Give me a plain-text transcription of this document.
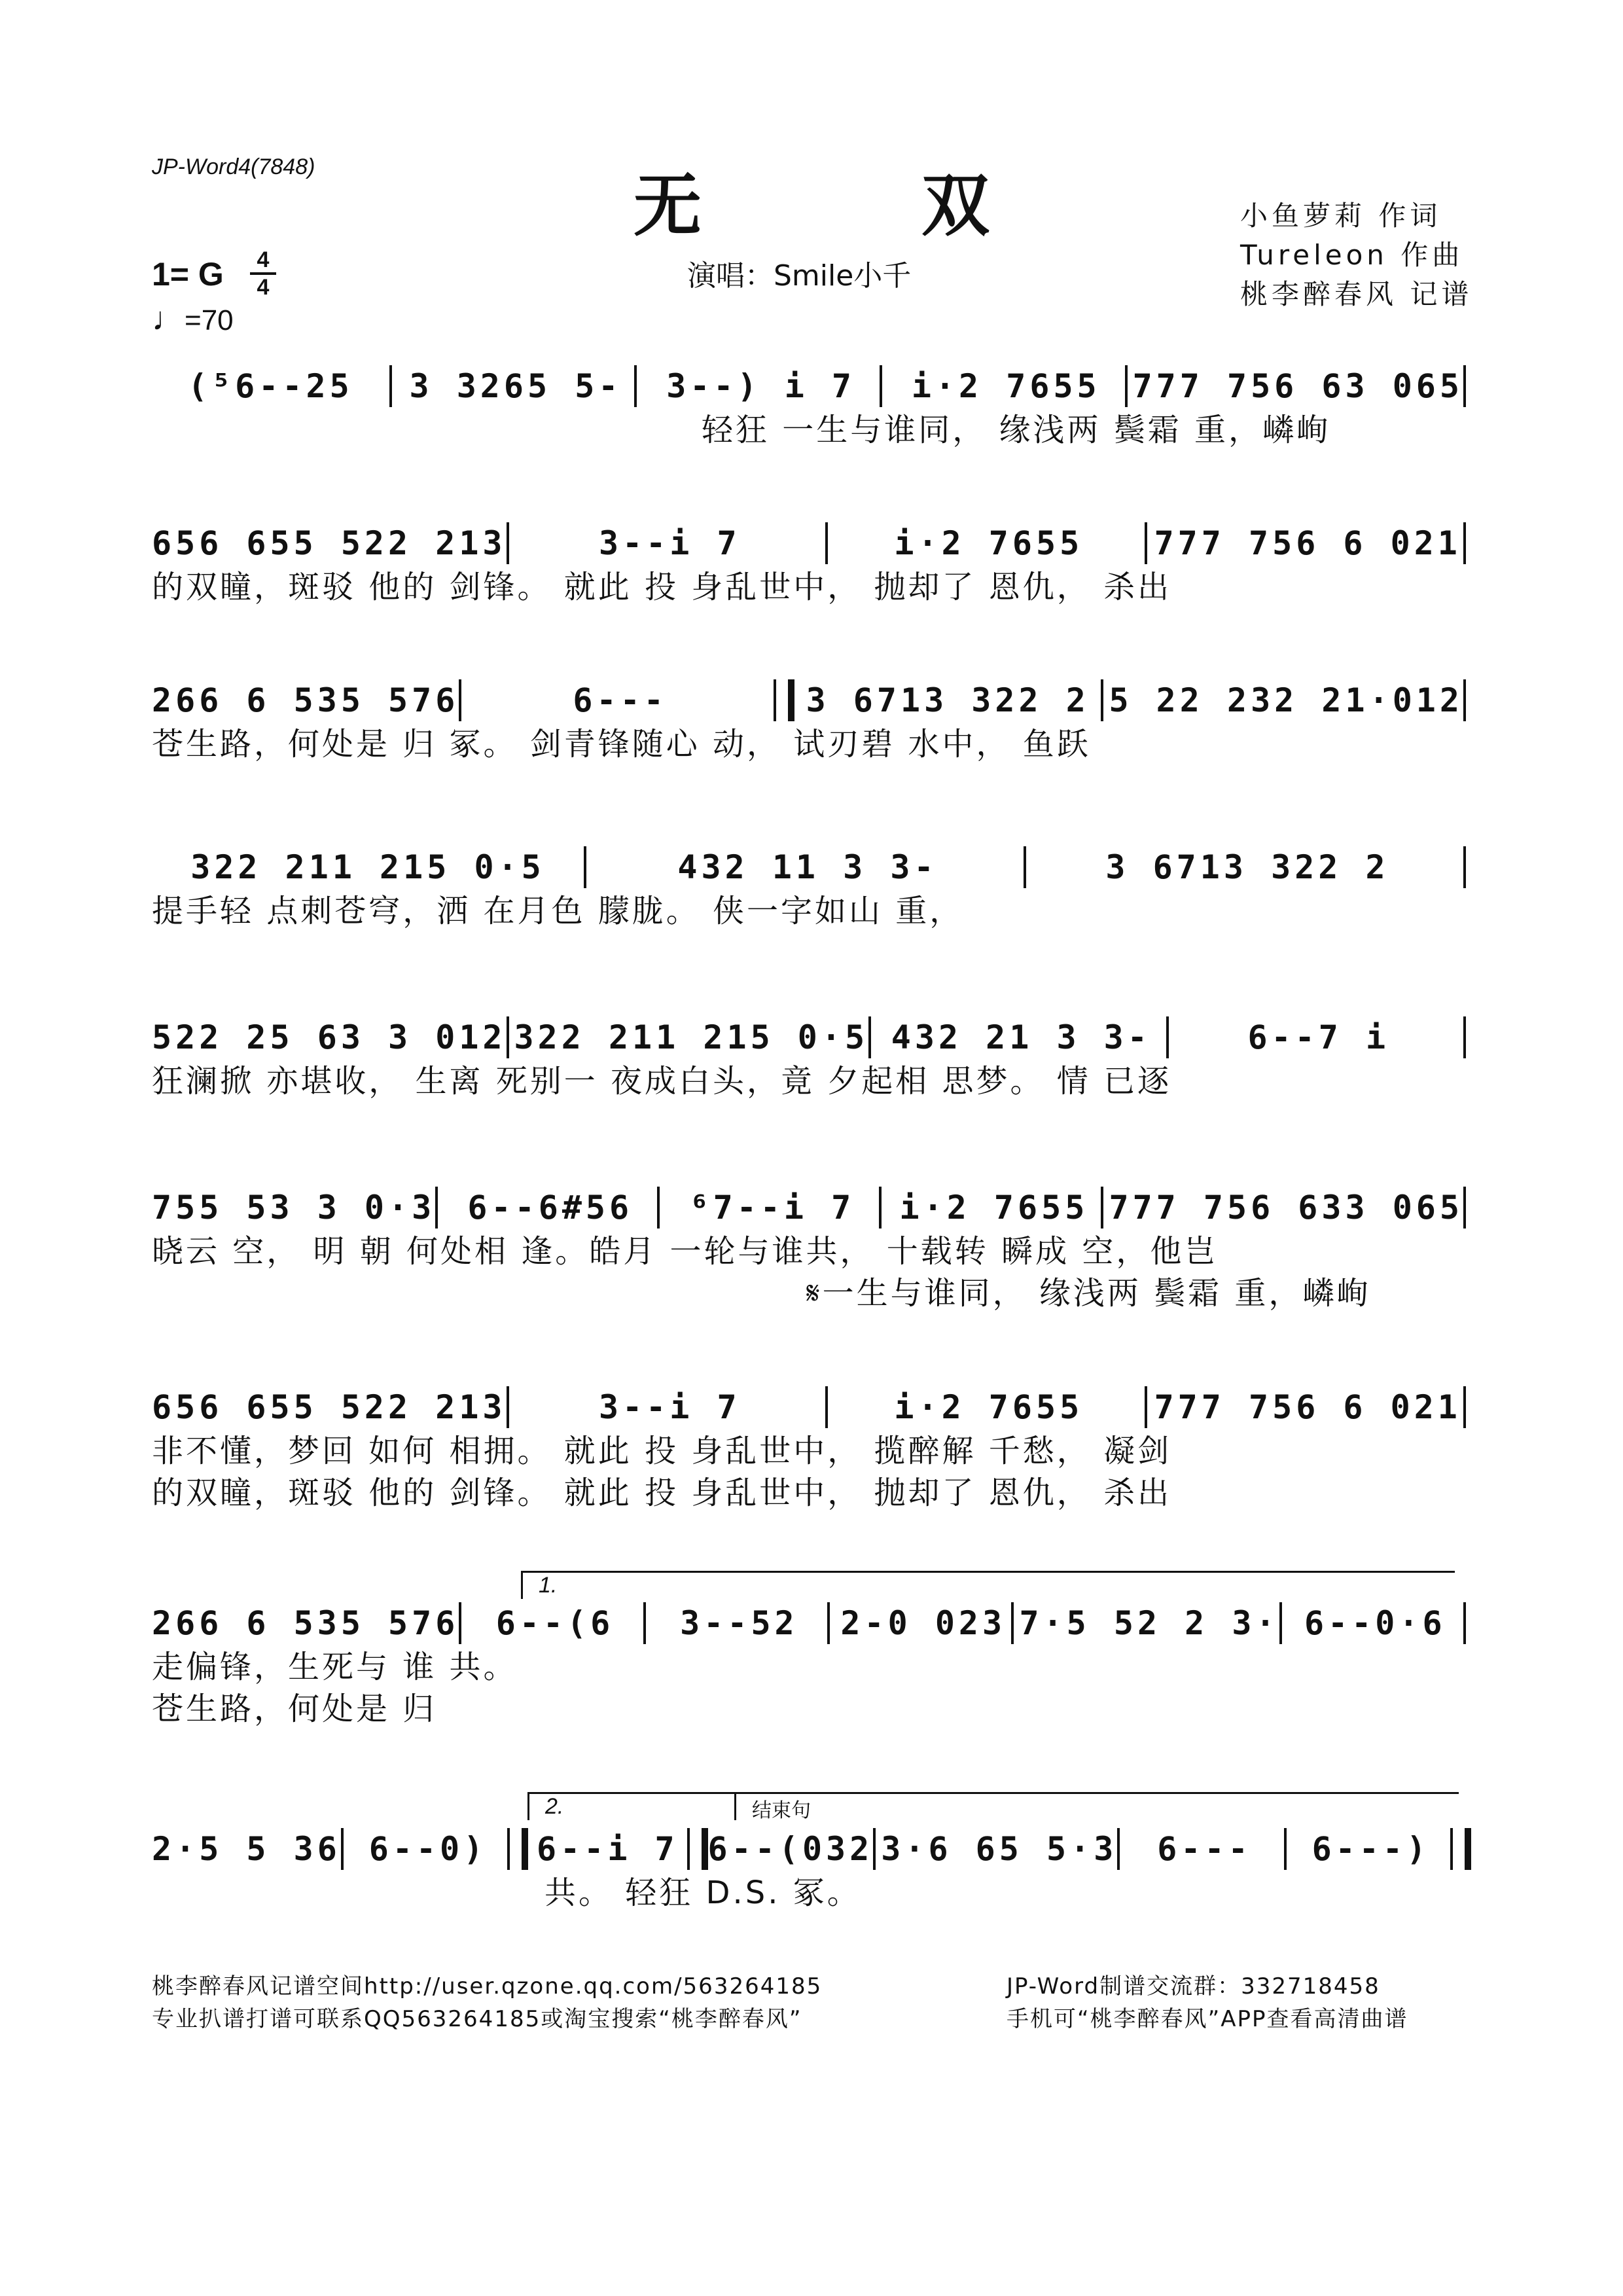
JP-Word4(7848)	无 双
演唱：Smile小千
小鱼萝莉 作词
Tureleon 作曲
桃李醉春风 记谱
1= G	4
4
♩=70
(⁵6--25	3 3265 5-	3--) i 7	i·2 7655 777 756 63 065
轻狂 一生与谁同， 缘浅两 鬓霜 重，嶙峋
656 655 522 213	3--i 7	i·2 7655	777 756 6 021
的双瞳，斑驳 他的 剑锋。 就此 投 身乱世中， 抛却了 恩仇， 杀出
266 6 535 576	6---	3 6713 322 2 5 22 232 21·012
苍生路，何处是 归 冢。 剑青锋随心 动， 试刃碧 水中， 鱼跃
322 211 215 0·5	432 11 3 3-	3 6713 322 2
提手轻 点刺苍穹，洒 在月色 朦胧。 侠一字如山 重，
522 25 63 3 012 322 211 215 0·5 432 21 3 3-	6--7 i
狂澜掀 亦堪收， 生离 死别一 夜成白头，竟 夕起相 思梦。 情 已逐
755 53 3 0·3 6--6#56	⁶7--i 7	i·2 7655 777 756 633 065
晓云 空， 明 朝 何处相 逢。皓月 一轮与谁共， 十载转 瞬成 空，他岂
𝄋一生与谁同， 缘浅两 鬓霜 重，嶙峋
656 655 522 213	3--i 7	i·2 7655	777 756 6 021
非不懂，梦回 如何 相拥。 就此 投 身乱世中， 揽醉解 千愁， 凝剑
的双瞳，斑驳 他的 剑锋。 就此 投 身乱世中， 抛却了 恩仇， 杀出
1.
266 6 535 576	6--(6	3--52	2-0 023 7·5 52 2 3· 6--0·6
走偏锋，生死与 谁 共。
苍生路，何处是 归
2.	结束句
2·5 5 36 6--0)	6--i 7 6--(032 3·6 65 5·3	6---	6---)
共。 轻狂 D.S. 冢。
桃李醉春风记谱空间http://user.qzone.qq.com/563264185
专业扒谱打谱可联系QQ563264185或淘宝搜索“桃李醉春风”
JP-Word制谱交流群：332718458
手机可“桃李醉春风”APP查看高清曲谱
